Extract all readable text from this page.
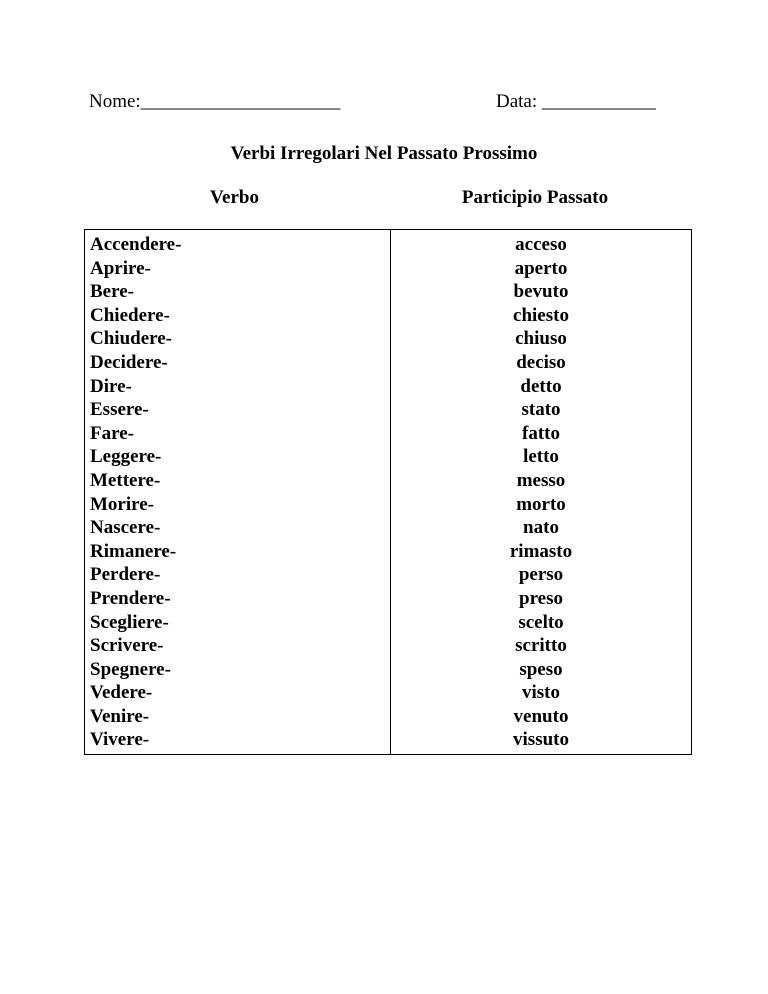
Nome:_____________________	Data: ____________
Verbi Irregolari Nel Passato Prossimo
Verbo	Participio Passato
Accendere-	acceso
Aprire-	aperto
Bere-	bevuto
Chiedere-	chiesto
Chiudere-	chiuso
Decidere-	deciso
Dire-	detto
Essere-	stato
Fare-	fatto
Leggere-	letto
Mettere-	messo
Morire-	morto
Nascere-	nato
Rimanere-	rimasto
Perdere-	perso
Prendere-	preso
Scegliere-	scelto
Scrivere-	scritto
Spegnere-	speso
Vedere-	visto
Venire-	venuto
Vivere-	vissuto
